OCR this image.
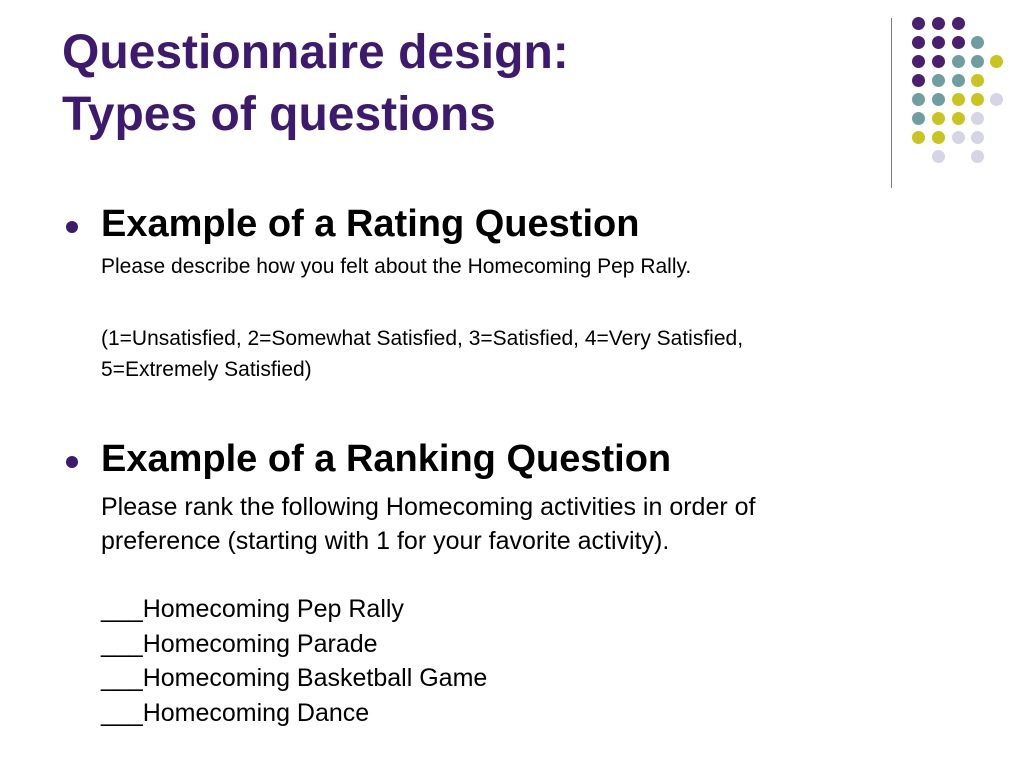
Questionnaire design:
Types of questions
Example of a Rating Question

Please describe how you felt about the Homecoming Pep Rally.

(1=Unsatisfied, 2=Somewhat Satisfied, 3=Satisfied, 4=Very Satisfied,

5=Extremely Satisfied)

Example of a Ranking Question

Please rank the following Homecoming activities in order of

preference (starting with 1 for your favorite activity).

___Homecoming Pep Rally
___Homecoming Parade
___Homecoming Basketball Game
___Homecoming Dance
